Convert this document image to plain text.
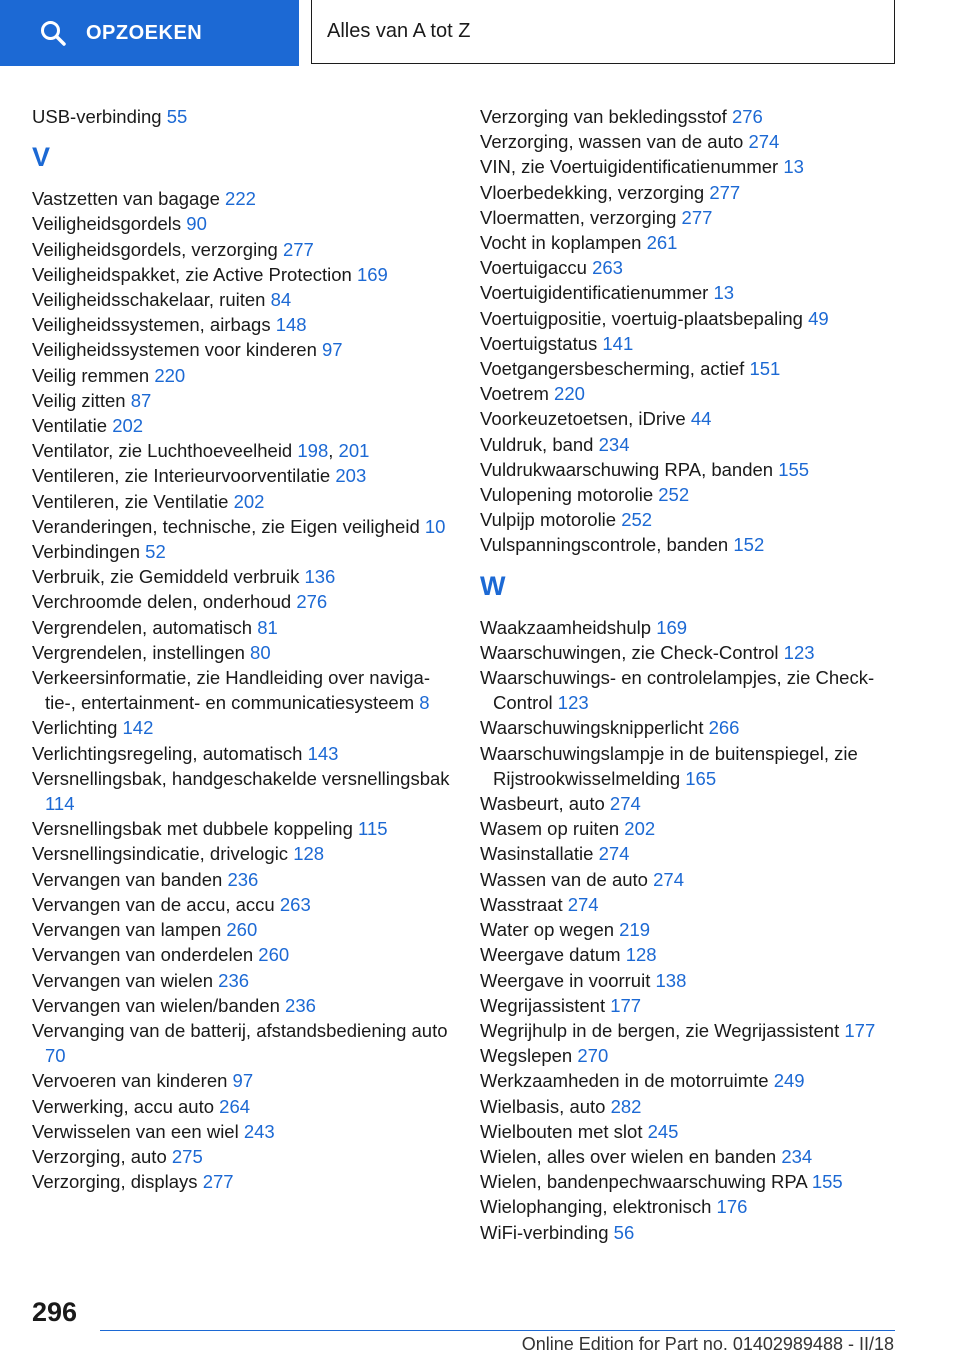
OPZOEKEN	Alles van A tot Z
USB-verbinding 55
V
Vastzetten van bagage 222
Veiligheidsgordels 90
Veiligheidsgordels, verzorging 277
Veiligheidspakket, zie Active Protection 169
Veiligheidsschakelaar, ruiten 84
Veiligheidssystemen, airbags 148
Veiligheidssystemen voor kinderen 97
Veilig remmen 220
Veilig zitten 87
Ventilatie 202
Ventilator, zie Luchthoeveelheid 198, 201
Ventileren, zie Interieurvoorventilatie 203
Ventileren, zie Ventilatie 202
Veranderingen, technische, zie Eigen veiligheid 10
Verbindingen 52
Verbruik, zie Gemiddeld verbruik 136
Verchroomde delen, onderhoud 276
Vergrendelen, automatisch 81
Vergrendelen, instellingen 80
Verkeersinformatie, zie Handleiding over navigatie-, entertainment- en communicatiesysteem 8
Verlichting 142
Verlichtingsregeling, automatisch 143
Versnellingsbak, handgeschakelde versnellingsbak 114
Versnellingsbak met dubbele koppeling 115
Versnellingsindicatie, drivelogic 128
Vervangen van banden 236
Vervangen van de accu, accu 263
Vervangen van lampen 260
Vervangen van onderdelen 260
Vervangen van wielen 236
Vervangen van wielen/banden 236
Vervanging van de batterij, afstandsbediening auto 70
Vervoeren van kinderen 97
Verwerking, accu auto 264
Verwisselen van een wiel 243
Verzorging, auto 275
Verzorging, displays 277
Verzorging van bekledingsstof 276
Verzorging, wassen van de auto 274
VIN, zie Voertuigidentificatienummer 13
Vloerbedekking, verzorging 277
Vloermatten, verzorging 277
Vocht in koplampen 261
Voertuigaccu 263
Voertuigidentificatienummer 13
Voertuigpositie, voertuig-plaatsbepaling 49
Voertuigstatus 141
Voetgangersbescherming, actief 151
Voetrem 220
Voorkeuzetoetsen, iDrive 44
Vuldruk, band 234
Vuldrukwaarschuwing RPA, banden 155
Vulopening motorolie 252
Vulpijp motorolie 252
Vulspanningscontrole, banden 152
W
Waakzaamheidshulp 169
Waarschuwingen, zie Check-Control 123
Waarschuwings- en controlelampjes, zie Check-Control 123
Waarschuwingsknipperlicht 266
Waarschuwingslampje in de buitenspiegel, zie Rijstrookwisselmelding 165
Wasbeurt, auto 274
Wasem op ruiten 202
Wasinstallatie 274
Wassen van de auto 274
Wasstraat 274
Water op wegen 219
Weergave datum 128
Weergave in voorruit 138
Wegrijassistent 177
Wegrijhulp in de bergen, zie Wegrijassistent 177
Wegslepen 270
Werkzaamheden in de motorruimte 249
Wielbasis, auto 282
Wielbouten met slot 245
Wielen, alles over wielen en banden 234
Wielen, bandenpechwaarschuwing RPA 155
Wielophanging, elektronisch 176
WiFi-verbinding 56
296
Online Edition for Part no. 01402989488 - II/18
